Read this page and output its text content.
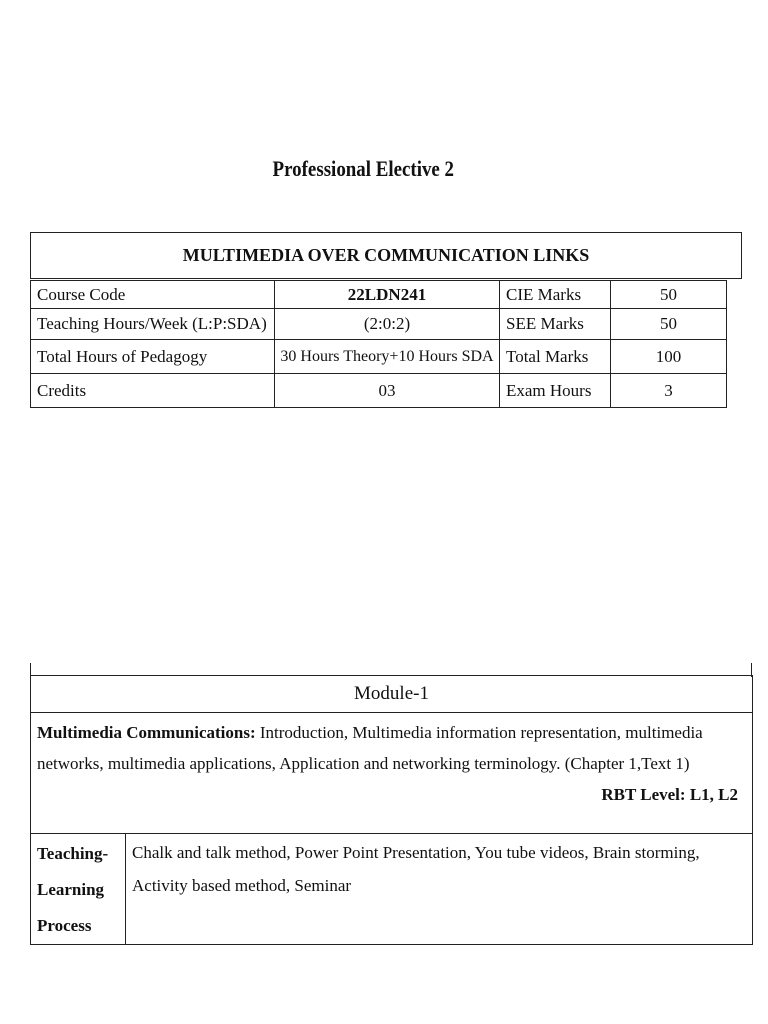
Professional Elective 2
MULTIMEDIA OVER COMMUNICATION LINKS
Course Code	22LDN241	CIE Marks	50
Teaching Hours/Week (L:P:SDA)	(2:0:2)	SEE Marks	50
Total Hours of Pedagogy	30 Hours Theory+10 Hours SDA	Total Marks	100
Credits	03	Exam Hours	3
Module-1
Multimedia Communications: Introduction, Multimedia information representation, multimedia networks, multimedia applications, Application and networking terminology. (Chapter 1,Text 1)
RBT Level: L1, L2

Teaching-Learning Process	Chalk and talk method, Power Point Presentation, You tube videos, Brain storming, Activity based method, Seminar
